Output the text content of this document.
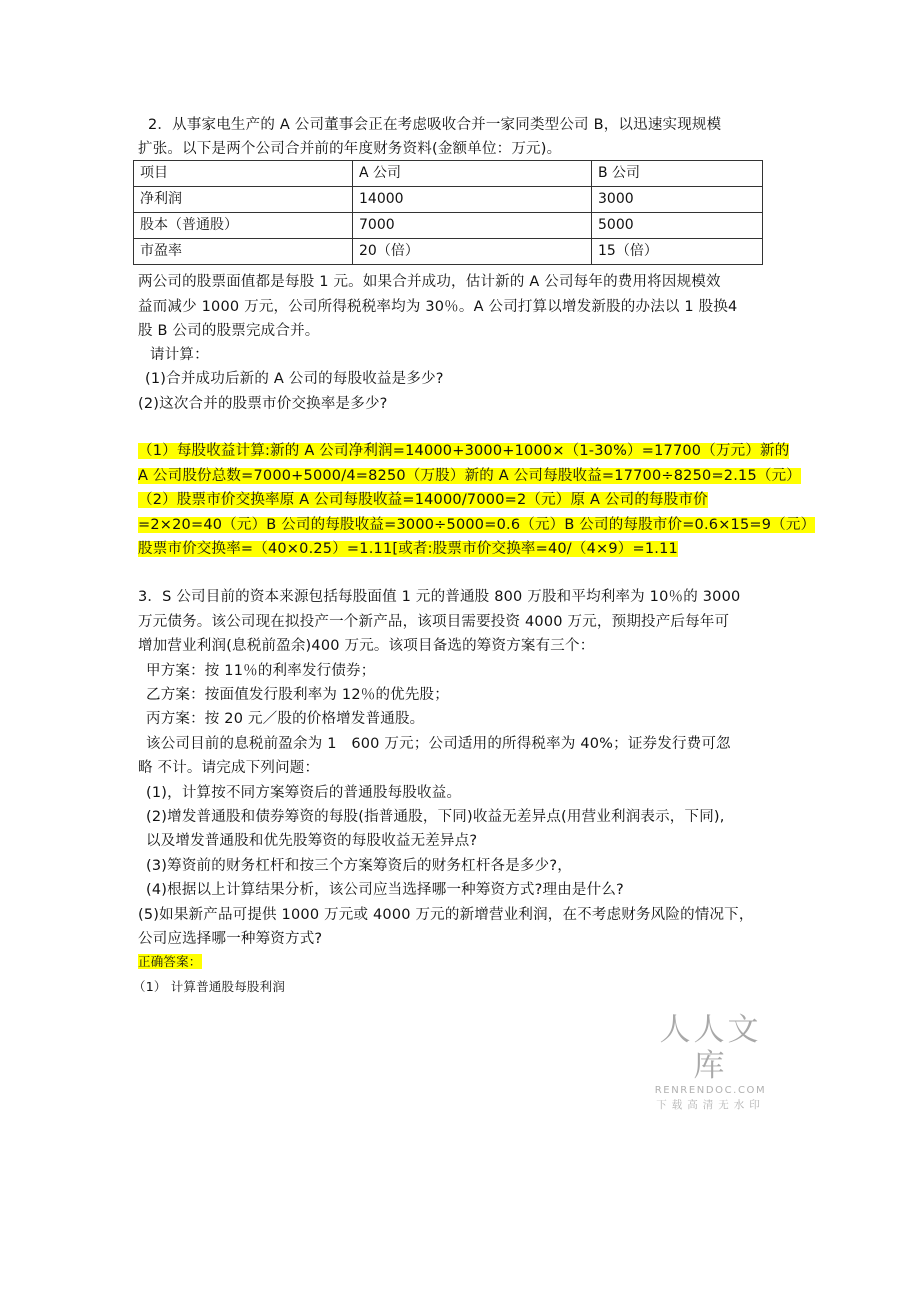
2．从事家电生产的 A 公司董事会正在考虑吸收合并一家同类型公司 B，以迅速实现规模
扩张。以下是两个公司合并前的年度财务资料(金额单位：万元)。
项目	A 公司	B 公司
净利润	14000	3000
股本（普通股）	7000	5000
市盈率	20（倍）	15（倍）
两公司的股票面值都是每股 1 元。如果合并成功，估计新的 A 公司每年的费用将因规模效
益而减少 1000 万元，公司所得税税率均为 30％。A 公司打算以增发新股的办法以 1 股换4
股 B 公司的股票完成合并。
请计算：
(1)合并成功后新的 A 公司的每股收益是多少?
(2)这次合并的股票市价交换率是多少?
（1）每股收益计算:新的 A 公司净利润=14000+3000+1000×（1-30%）=17700（万元）新的
A 公司股份总数=7000+5000/4=8250（万股）新的 A 公司每股收益=17700÷8250=2.15（元）
（2）股票市价交换率原 A 公司每股收益=14000/7000=2（元）原 A 公司的每股市价
=2×20=40（元）B 公司的每股收益=3000÷5000=0.6（元）B 公司的每股市价=0.6×15=9（元）
股票市价交换率=（40×0.25）=1.11[或者:股票市价交换率=40/（4×9）=1.11
3．S 公司目前的资本来源包括每股面值 1 元的普通股 800 万股和平均利率为 10％的 3000
万元债务。该公司现在拟投产一个新产品，该项目需要投资 4000 万元，预期投产后每年可
增加营业利润(息税前盈余)400 万元。该项目备选的筹资方案有三个：
甲方案：按 11％的利率发行债券；
乙方案：按面值发行股利率为 12％的优先股；
丙方案：按 20 元／股的价格增发普通股。
该公司目前的息税前盈余为 1　600 万元；公司适用的所得税率为 40%；证券发行费可忽
略 不计。请完成下列问题：
(1)，计算按不同方案筹资后的普通股每股收益。
(2)增发普通股和债券筹资的每股(指普通股，下同)收益无差异点(用营业利润表示，下同),
以及增发普通股和优先股筹资的每股收益无差异点?
(3)筹资前的财务杠杆和按三个方案筹资后的财务杠杆各是多少?，
(4)根据以上计算结果分析，该公司应当选择哪一种筹资方式?理由是什么?
(5)如果新产品可提供 1000 万元或 4000 万元的新增营业利润，在不考虑财务风险的情况下，
公司应选择哪一种筹资方式?
正确答案：
（1） 计算普通股每股利润
人人文库
RENRENDOC.COM
下载高清无水印
